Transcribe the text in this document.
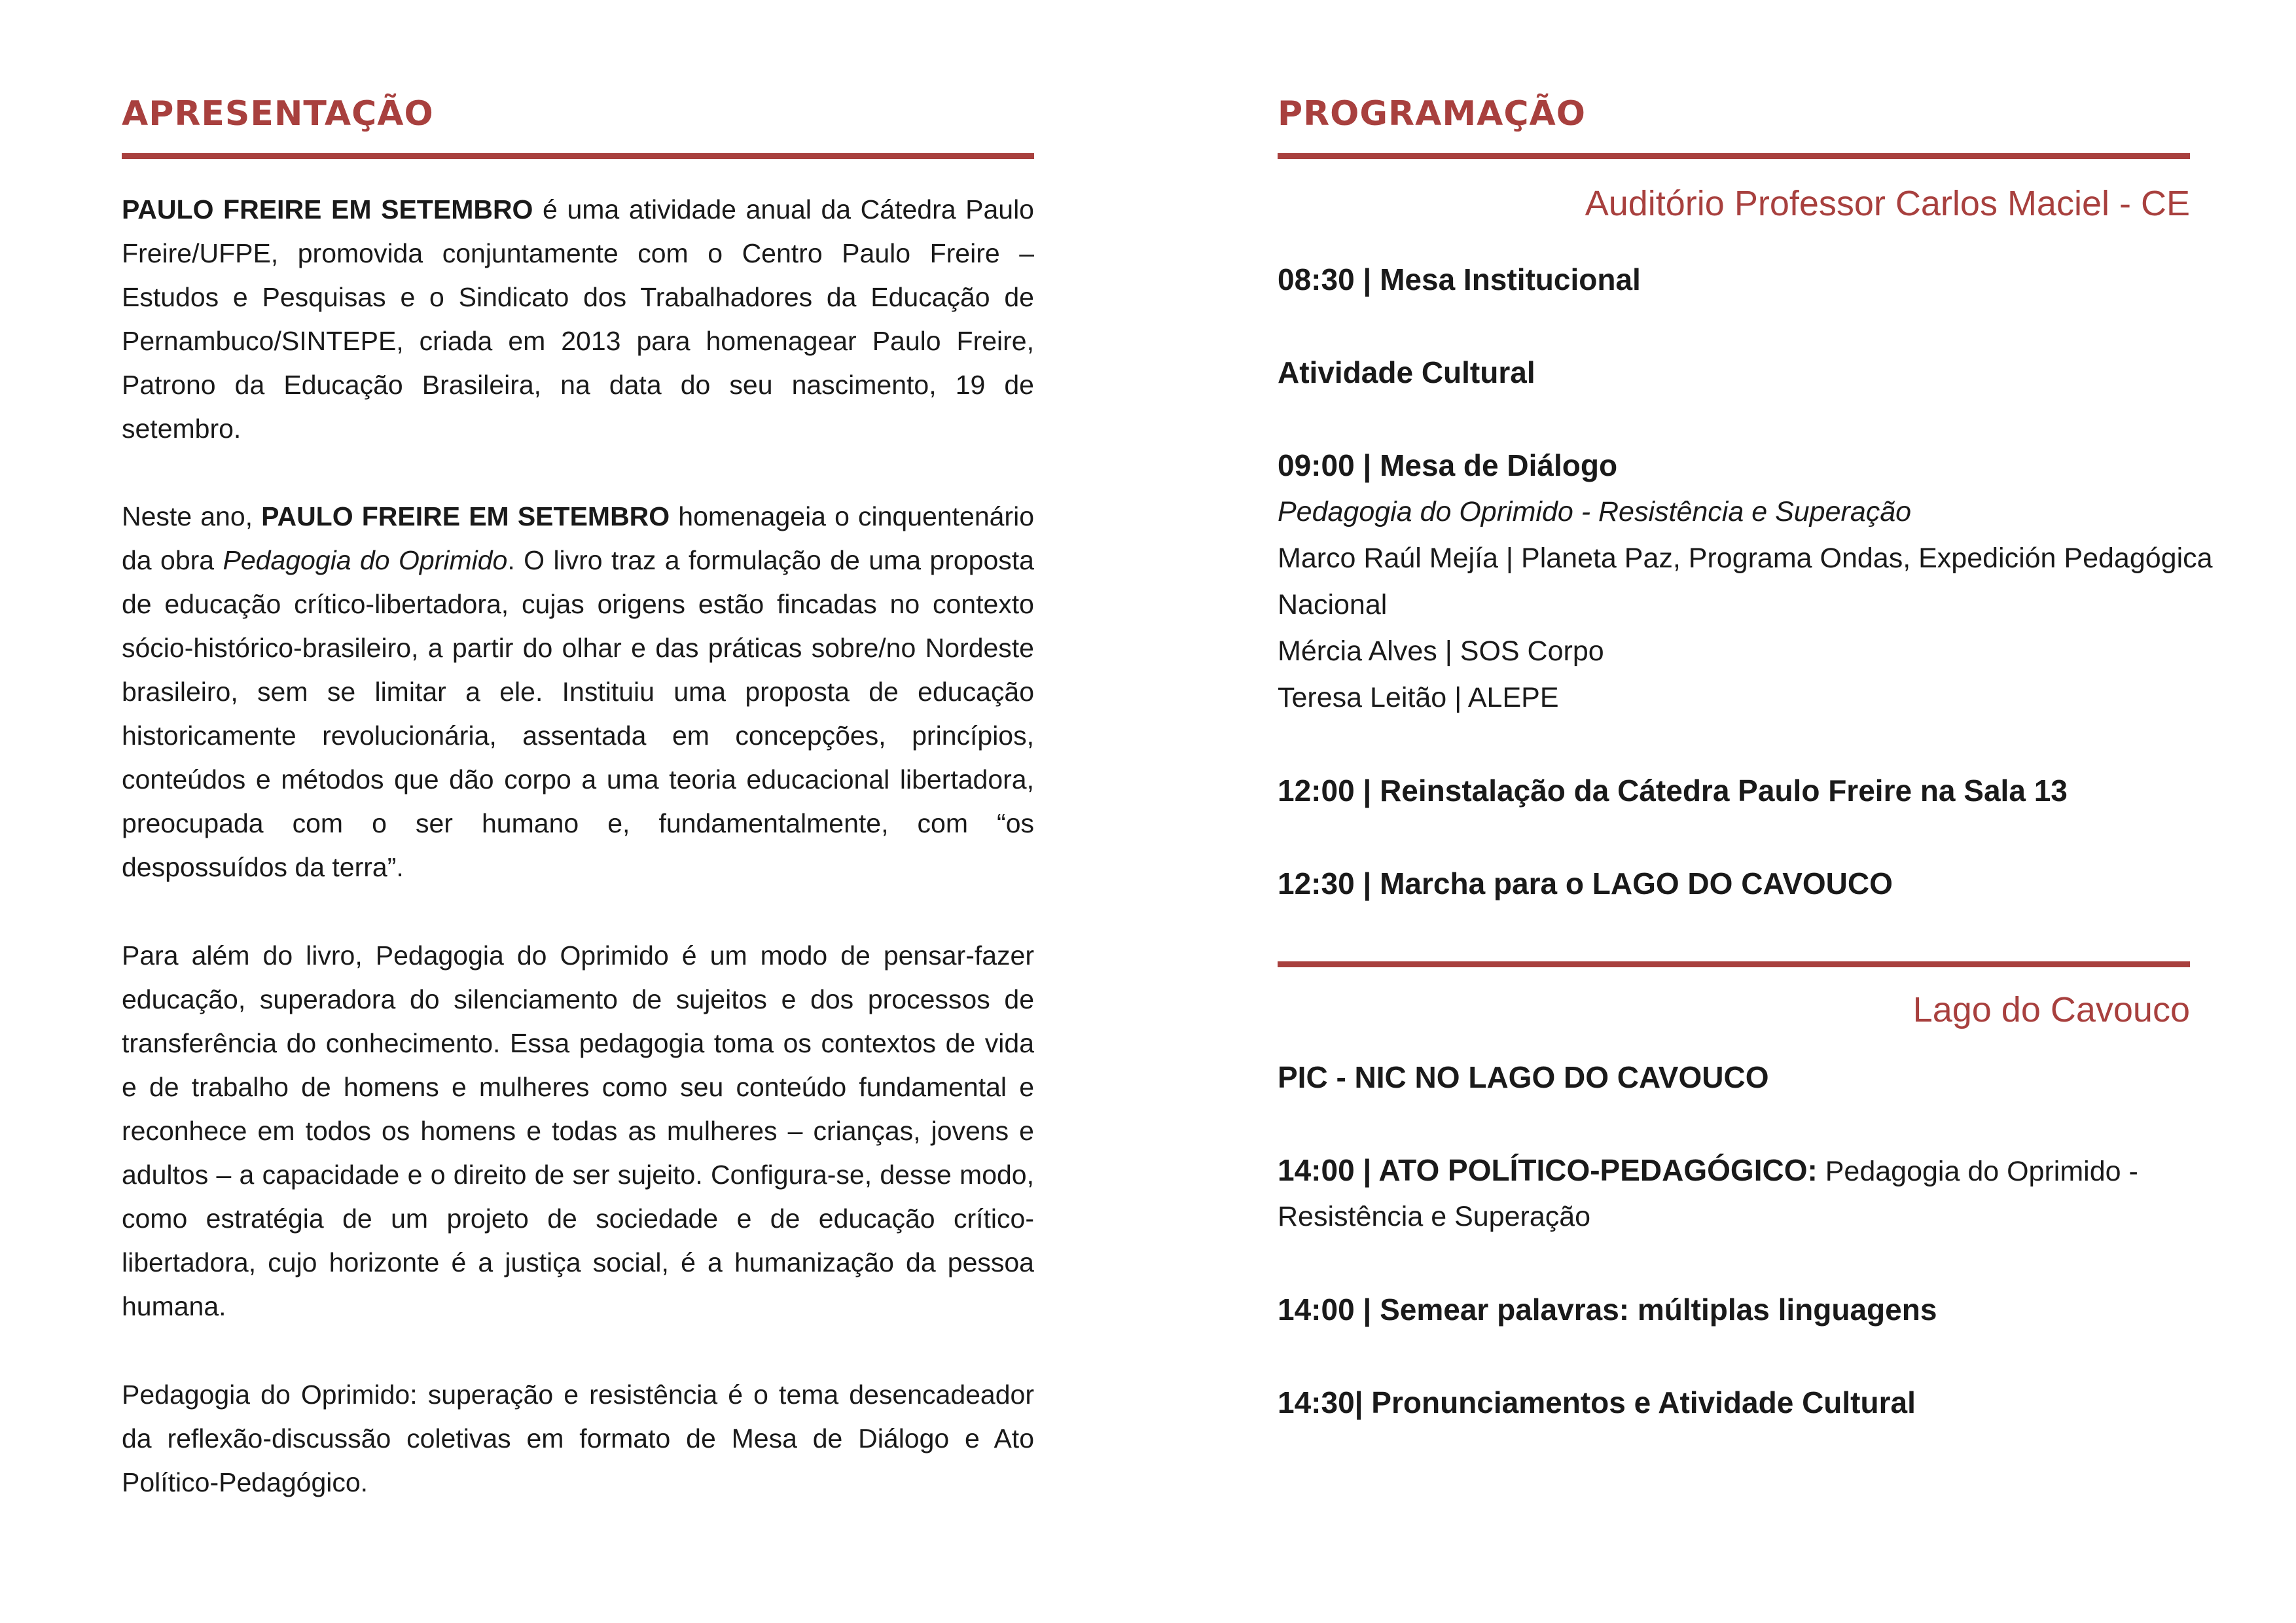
APRESENTAÇÃO

PAULO FREIRE EM SETEMBRO é uma atividade anual da Cátedra Paulo Freire/UFPE, promovida conjuntamente com o Centro Paulo Freire – Estudos e Pesquisas e o Sindicato dos Trabalhadores da Educação de Pernambuco/SINTEPE, criada em 2013 para homenagear Paulo Freire, Patrono da Educação Brasileira, na data do seu nascimento, 19 de setembro.

Neste ano, PAULO FREIRE EM SETEMBRO homenageia o cinquentenário da obra Pedagogia do Oprimido. O livro traz a formulação de uma proposta de educação crítico-libertadora, cujas origens estão fincadas no contexto sócio-histórico-brasileiro, a partir do olhar e das práticas sobre/no Nordeste brasileiro, sem se limitar a ele. Instituiu uma proposta de educação historicamente revolucionária, assentada em concepções, princípios, conteúdos e métodos que dão corpo a uma teoria educacional libertadora, preocupada com o ser humano e, fundamentalmente, com “os despossuídos da terra”.

Para além do livro, Pedagogia do Oprimido é um modo de pensar-fazer educação, superadora do silenciamento de sujeitos e dos processos de transferência do conhecimento. Essa pedagogia toma os contextos de vida e de trabalho de homens e mulheres como seu conteúdo fundamental e reconhece em todos os homens e todas as mulheres – crianças, jovens e adultos – a capacidade e o direito de ser sujeito. Configura-se, desse modo, como estratégia de um projeto de sociedade e de educação crítico-libertadora, cujo horizonte é a justiça social, é a humanização da pessoa humana.

Pedagogia do Oprimido: superação e resistência é o tema desencadeador da reflexão-discussão coletivas em formato de Mesa de Diálogo e Ato Político-Pedagógico.

PROGRAMAÇÃO
Auditório Professor Carlos Maciel - CE
08:30 | Mesa Institucional
Atividade Cultural
09:00 | Mesa de Diálogo
Pedagogia do Oprimido - Resistência e Superação
Marco Raúl Mejía | Planeta Paz, Programa Ondas, Expedición Pedagógica
Nacional
Mércia Alves | SOS Corpo
Teresa Leitão | ALEPE
12:00 | Reinstalação da Cátedra Paulo Freire na Sala 13
12:30 | Marcha para o LAGO DO CAVOUCO
Lago do Cavouco
PIC - NIC NO LAGO DO CAVOUCO
14:00 | ATO POLÍTICO-PEDAGÓGICO: Pedagogia do Oprimido -
Resistência e Superação
14:00 | Semear palavras: múltiplas linguagens
14:30| Pronunciamentos e Atividade Cultural
